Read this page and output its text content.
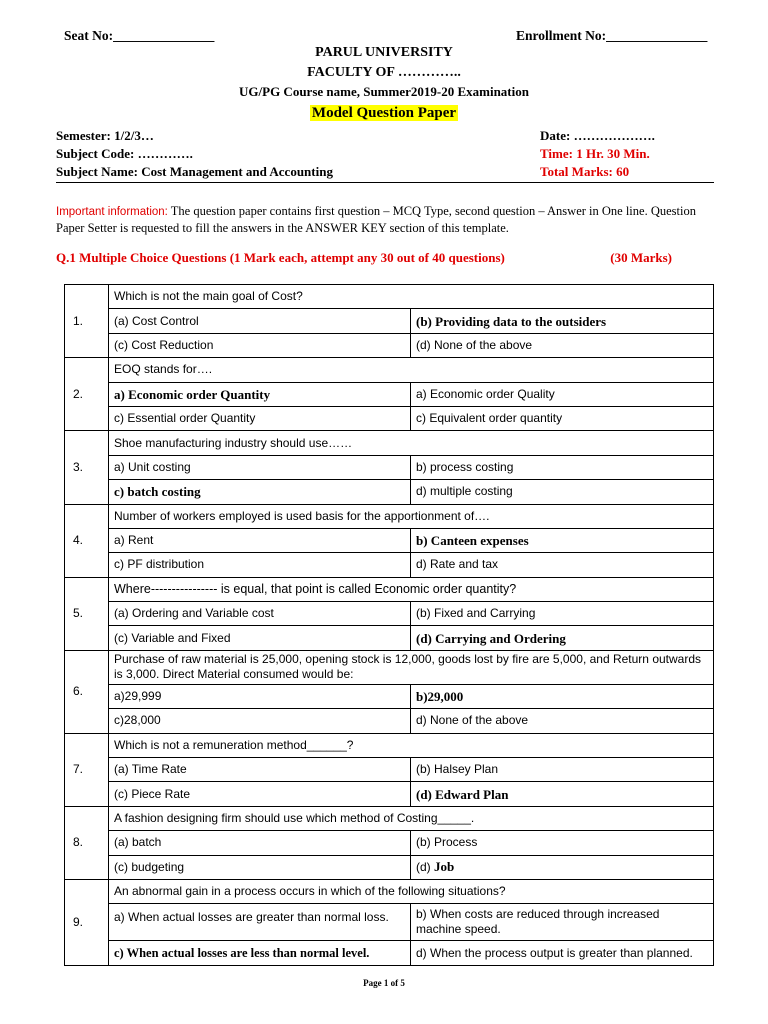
Seat No:_______________	Enrollment No:_______________
PARUL UNIVERSITY
FACULTY OF …………..
UG/PG Course name, Summer2019-20 Examination
Model Question Paper
Semester: 1/2/3…
Subject Code: ………….
Subject Name: Cost Management and Accounting
Date: ……………….
Time: 1 Hr. 30 Min.
Total Marks: 60
Important information: The question paper contains first question – MCQ Type, second question – Answer in One line. Question Paper Setter is requested to fill the answers in the ANSWER KEY section of this template.
Q.1 Multiple Choice Questions (1 Mark each, attempt any 30 out of 40 questions)	(30 Marks)
1.	Which is not the main goal of Cost?	
	(a) Cost Control	(b) Providing data to the outsiders
	(c) Cost Reduction	(d) None of the above
2.	EOQ stands for….	
	a) Economic order Quantity	a) Economic order Quality
	c) Essential order Quantity	c) Equivalent order quantity
3.	Shoe manufacturing industry should use……	
	a) Unit costing	b) process costing
	c) batch costing	d) multiple costing
4.	Number of workers employed is used basis for the apportionment of….	
	a) Rent	b) Canteen expenses
	c) PF distribution	d) Rate and tax
5.	Where---------------- is equal, that point is called Economic order quantity?	
	(a) Ordering and Variable cost	(b) Fixed and Carrying
	(c) Variable and Fixed	(d) Carrying and Ordering
6.	Purchase of raw material is 25,000, opening stock is 12,000, goods lost by fire are 5,000, and Return outwards is 3,000. Direct Material consumed would be:	
	a)29,999	b)29,000
	c)28,000	d) None of the above
7.	Which is not a remuneration method______?	
	(a) Time Rate	(b) Halsey Plan
	(c) Piece Rate	(d) Edward Plan
8.	A fashion designing firm should use which method of Costing_____.	
	(a) batch	(b) Process
	(c) budgeting	(d) Job
9.	An abnormal gain in a process occurs in which of the following situations?	
	a) When actual losses are greater than normal loss.	b) When costs are reduced through increased machine speed.
	c) When actual losses are less than normal level.	d) When the process output is greater than planned.
Page 1 of 5
